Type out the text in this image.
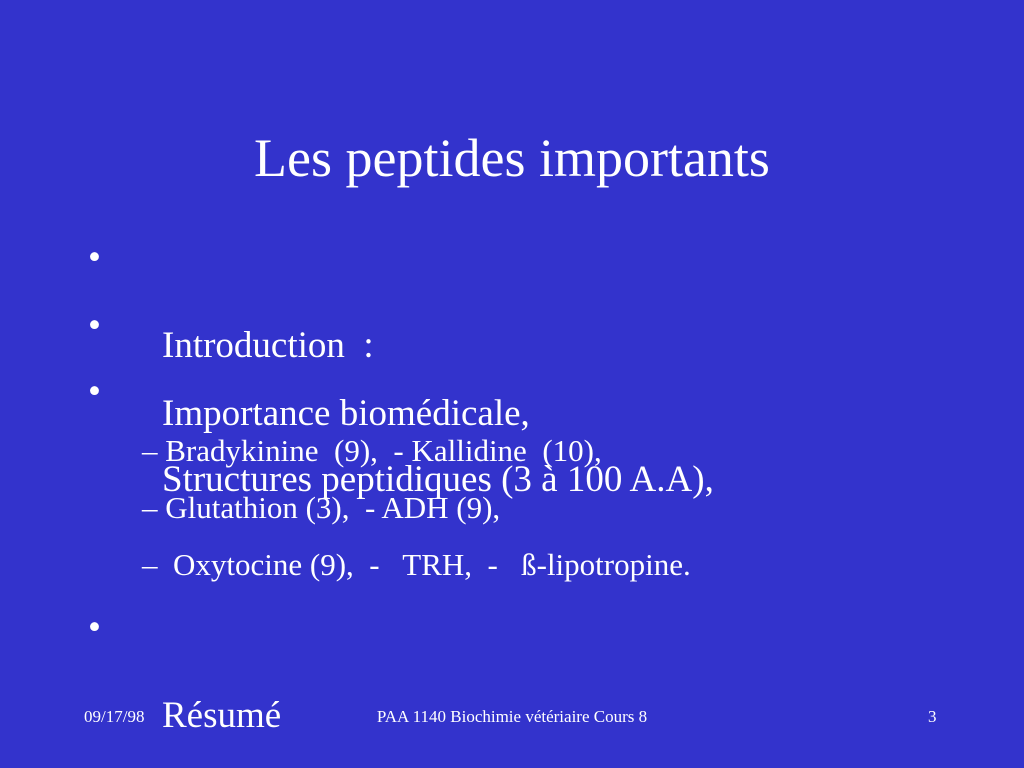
Les peptides importants

•

Introduction  :

•

Importance biomédicale,

•

Structures peptidiques (3 à 100 A.A),

– Bradykinine  (9),  - Kallidine  (10),
– Glutathion (3),  - ADH (9),
–  Oxytocine (9),  -   TRH,  -   ß-lipotropine.

•

Résumé

09/17/98	PAA 1140 Biochimie vétériaire Cours 8	3
